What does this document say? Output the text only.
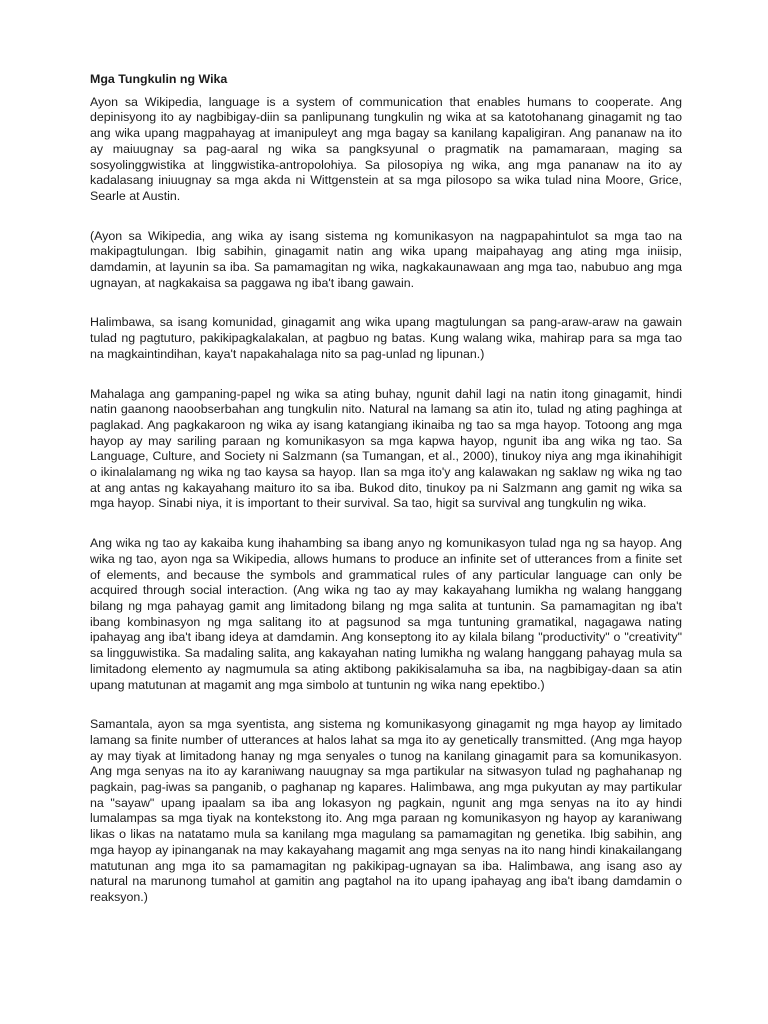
Mga Tungkulin ng Wika

Ayon sa Wikipedia, language is a system of communication that enables humans to cooperate. Ang depinisyong ito ay nagbibigay-diin sa panlipunang tungkulin ng wika at sa katotohanang ginagamit ng tao ang wika upang magpahayag at imanipuleyt ang mga bagay sa kanilang kapaligiran. Ang pananaw na ito ay maiuugnay sa pag-aaral ng wika sa pangksyunal o pragmatik na pamamaraan, maging sa sosyolinggwistika at linggwistika-antropolohiya. Sa pilosopiya ng wika, ang mga pananaw na ito ay kadalasang iniuugnay sa mga akda ni Wittgenstein at sa mga pilosopo sa wika tulad nina Moore, Grice, Searle at Austin.

(Ayon sa Wikipedia, ang wika ay isang sistema ng komunikasyon na nagpapahintulot sa mga tao na makipagtulungan. Ibig sabihin, ginagamit natin ang wika upang maipahayag ang ating mga iniisip, damdamin, at layunin sa iba. Sa pamamagitan ng wika, nagkakaunawaan ang mga tao, nabubuo ang mga ugnayan, at nagkakaisa sa paggawa ng iba't ibang gawain.

Halimbawa, sa isang komunidad, ginagamit ang wika upang magtulungan sa pang-araw-araw na gawain tulad ng pagtuturo, pakikipagkalakalan, at pagbuo ng batas. Kung walang wika, mahirap para sa mga tao na magkaintindihan, kaya't napakahalaga nito sa pag-unlad ng lipunan.)

Mahalaga ang gampaning-papel ng wika sa ating buhay, ngunit dahil lagi na natin itong ginagamit, hindi natin gaanong naoobserbahan ang tungkulin nito. Natural na lamang sa atin ito, tulad ng ating paghinga at paglakad. Ang pagkakaroon ng wika ay isang katangiang ikinaiba ng tao sa mga hayop. Totoong ang mga hayop ay may sariling paraan ng komunikasyon sa mga kapwa hayop, ngunit iba ang wika ng tao. Sa Language, Culture, and Society ni Salzmann (sa Tumangan, et al., 2000), tinukoy niya ang mga ikinahihigit o ikinalalamang ng wika ng tao kaysa sa hayop. Ilan sa mga ito'y ang kalawakan ng saklaw ng wika ng tao at ang antas ng kakayahang maituro ito sa iba. Bukod dito, tinukoy pa ni Salzmann ang gamit ng wika sa mga hayop. Sinabi niya, it is important to their survival. Sa tao, higit sa survival ang tungkulin ng wika.

Ang wika ng tao ay kakaiba kung ihahambing sa ibang anyo ng komunikasyon tulad nga ng sa hayop. Ang wika ng tao, ayon nga sa Wikipedia, allows humans to produce an infinite set of utterances from a finite set of elements, and because the symbols and grammatical rules of any particular language can only be acquired through social interaction. (Ang wika ng tao ay may kakayahang lumikha ng walang hanggang bilang ng mga pahayag gamit ang limitadong bilang ng mga salita at tuntunin. Sa pamamagitan ng iba't ibang kombinasyon ng mga salitang ito at pagsunod sa mga tuntuning gramatikal, nagagawa nating ipahayag ang iba't ibang ideya at damdamin. Ang konseptong ito ay kilala bilang "productivity" o "creativity" sa lingguwistika. Sa madaling salita, ang kakayahan nating lumikha ng walang hanggang pahayag mula sa limitadong elemento ay nagmumula sa ating aktibong pakikisalamuha sa iba, na nagbibigay-daan sa atin upang matutunan at magamit ang mga simbolo at tuntunin ng wika nang epektibo.)

Samantala, ayon sa mga syentista, ang sistema ng komunikasyong ginagamit ng mga hayop ay limitado lamang sa finite number of utterances at halos lahat sa mga ito ay genetically transmitted. (Ang mga hayop ay may tiyak at limitadong hanay ng mga senyales o tunog na kanilang ginagamit para sa komunikasyon. Ang mga senyas na ito ay karaniwang nauugnay sa mga partikular na sitwasyon tulad ng paghahanap ng pagkain, pag-iwas sa panganib, o paghanap ng kapares. Halimbawa, ang mga pukyutan ay may partikular na "sayaw" upang ipaalam sa iba ang lokasyon ng pagkain, ngunit ang mga senyas na ito ay hindi lumalampas sa mga tiyak na kontekstong ito. Ang mga paraan ng komunikasyon ng hayop ay karaniwang likas o likas na natatamo mula sa kanilang mga magulang sa pamamagitan ng genetika. Ibig sabihin, ang mga hayop ay ipinanganak na may kakayahang magamit ang mga senyas na ito nang hindi kinakailangang matutunan ang mga ito sa pamamagitan ng pakikipag-ugnayan sa iba. Halimbawa, ang isang aso ay natural na marunong tumahol at gamitin ang pagtahol na ito upang ipahayag ang iba't ibang damdamin o reaksyon.)
